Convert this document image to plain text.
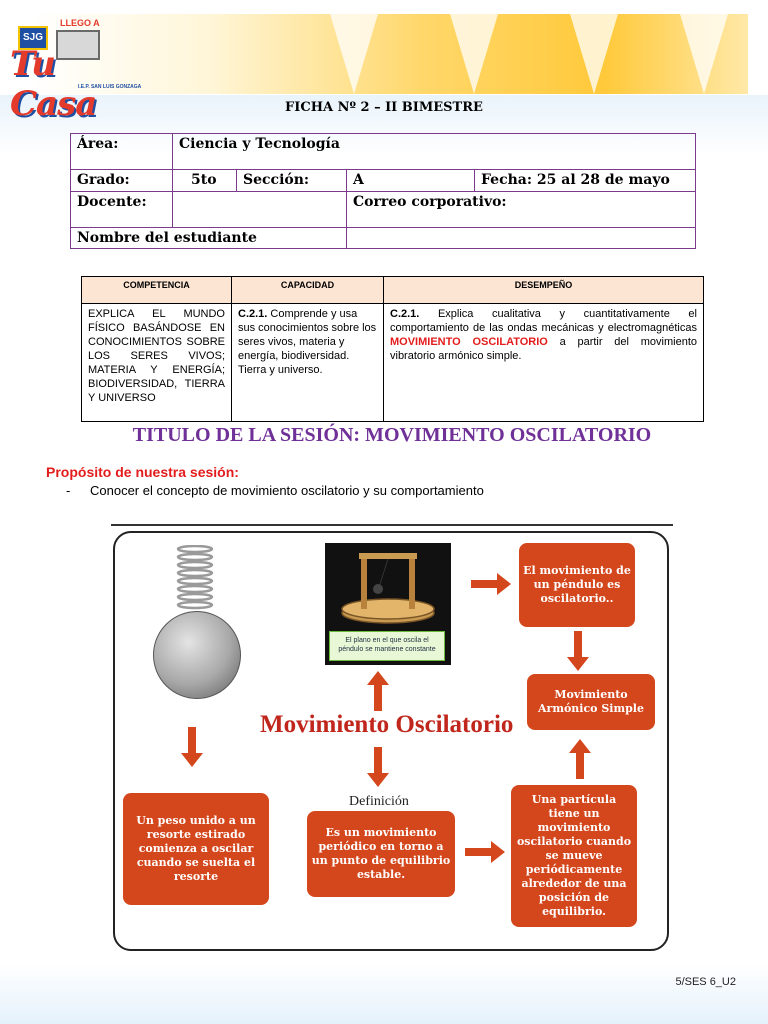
LLEGO A
SJG
Tu Casa
I.E.P. SAN LUIS GONZAGA
FICHA Nº 2 – II BIMESTRE
Área:	Ciencia y Tecnología			
Grado:	5to	Sección:	A	Fecha: 25 al 28 de mayo
Docente:			Correo corporativo:	
Nombre del estudiante				
COMPETENCIA	CAPACIDAD	DESEMPEÑO
EXPLICA EL MUNDO FÍSICO BASÁNDOSE EN CONOCIMIENTOS SOBRE LOS SERES VIVOS; MATERIA Y ENERGÍA; BIODIVERSIDAD, TIERRA Y UNIVERSO	C.2.1. Comprende y usa sus conocimientos sobre los seres vivos, materia y energía, biodiversidad. Tierra y universo.	C.2.1. Explica cualitativa y cuantitativamente el comportamiento de las ondas mecánicas y electromagnéticas MOVIMIENTO OSCILATORIO a partir del movimiento vibratorio armónico simple.
TITULO DE LA SESIÓN: MOVIMIENTO OSCILATORIO
Propósito de nuestra sesión:
- Conocer el concepto de movimiento oscilatorio y su comportamiento
El plano en el que oscila el péndulo se mantiene constante
El movimiento de un péndulo es oscilatorio..
Movimiento Armónico Simple
Un peso unido a un resorte estirado comienza a oscilar cuando se suelta el resorte
Es un movimiento periódico en torno a un punto de equilibrio estable.
Una partícula tiene un movimiento oscilatorio cuando se mueve periódicamente alrededor de una posición de equilibrio.
Movimiento Oscilatorio
Definición
5/SES 6_U2
